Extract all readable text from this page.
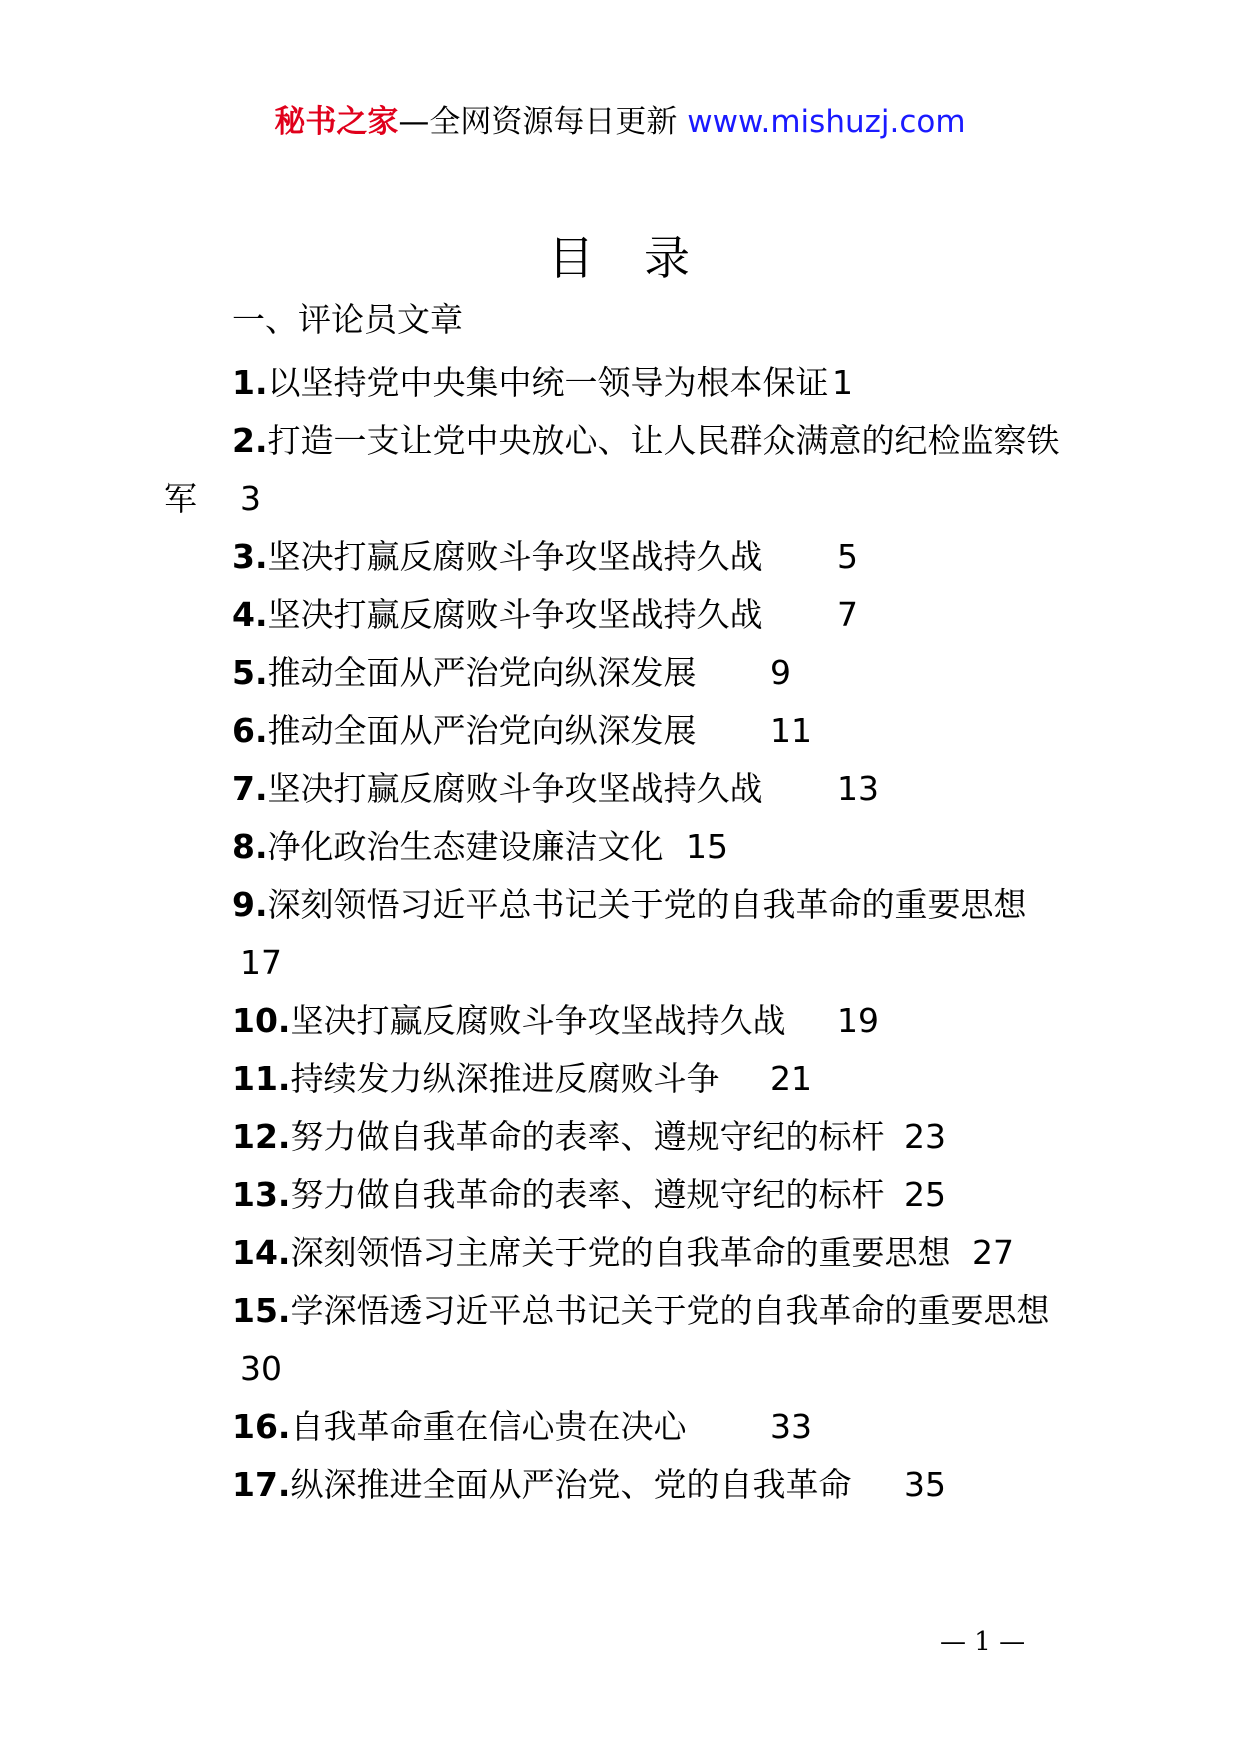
秘书之家—全网资源每日更新 www.mishuzj.com
目　录
一、评论员文章
1.以坚持党中央集中统一领导为根本保证 1
2.打造一支让党中央放心、让人民群众满意的纪检监察铁
军 3
3.坚决打赢反腐败斗争攻坚战持久战 5
4.坚决打赢反腐败斗争攻坚战持久战 7
5.推动全面从严治党向纵深发展 9
6.推动全面从严治党向纵深发展 11
7.坚决打赢反腐败斗争攻坚战持久战 13
8.净化政治生态建设廉洁文化 15
9.深刻领悟习近平总书记关于党的自我革命的重要思想
17
10.坚决打赢反腐败斗争攻坚战持久战 19
11.持续发力纵深推进反腐败斗争 21
12.努力做自我革命的表率、遵规守纪的标杆 23
13.努力做自我革命的表率、遵规守纪的标杆 25
14.深刻领悟习主席关于党的自我革命的重要思想 27
15.学深悟透习近平总书记关于党的自我革命的重要思想
30
16.自我革命重在信心贵在决心	33
17.纵深推进全面从严治党、党的自我革命 35
— 1 —
